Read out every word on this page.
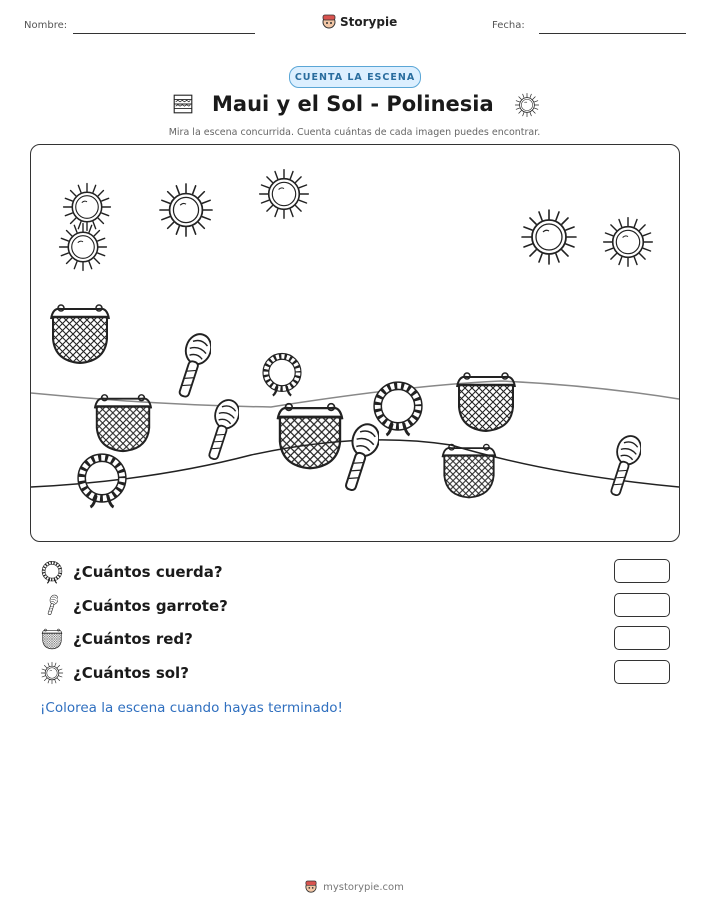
Nombre:	Storypie	Fecha:
CUENTA LA ESCENA
Maui y el Sol - Polinesia
Mira la escena concurrida. Cuenta cuántas de cada imagen puedes encontrar.
¿Cuántos cuerda?
¿Cuántos garrote?
¿Cuántos red?
¿Cuántos sol?
¡Colorea la escena cuando hayas terminado!
mystorypie.com
